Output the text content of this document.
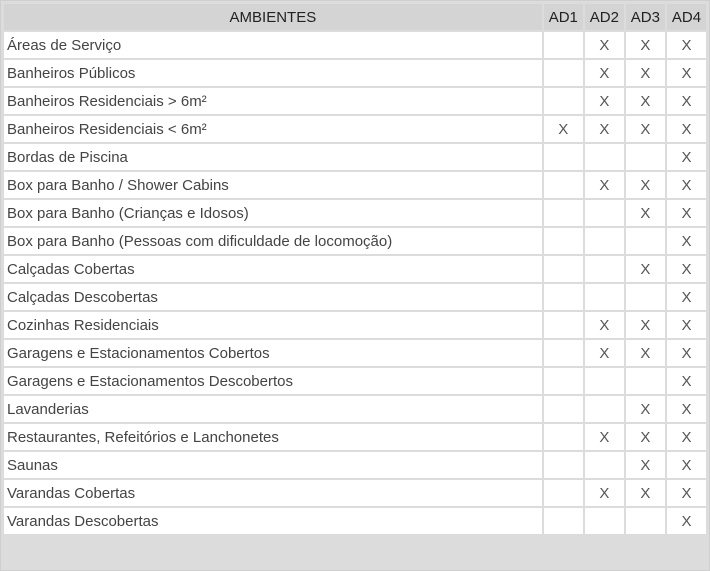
AMBIENTES	AD1	AD2	AD3	AD4
Áreas de Serviço		X	X	X
Banheiros Públicos		X	X	X
Banheiros Residenciais > 6m²		X	X	X
Banheiros Residenciais < 6m²	X	X	X	X
Bordas de Piscina				X
Box para Banho / Shower Cabins		X	X	X
Box para Banho (Crianças e Idosos)			X	X
Box para Banho (Pessoas com dificuldade de locomoção)				X
Calçadas Cobertas			X	X
Calçadas Descobertas				X
Cozinhas Residenciais		X	X	X
Garagens e Estacionamentos Cobertos		X	X	X
Garagens e Estacionamentos Descobertos				X
Lavanderias			X	X
Restaurantes, Refeitórios e Lanchonetes		X	X	X
Saunas			X	X
Varandas Cobertas		X	X	X
Varandas Descobertas				X
